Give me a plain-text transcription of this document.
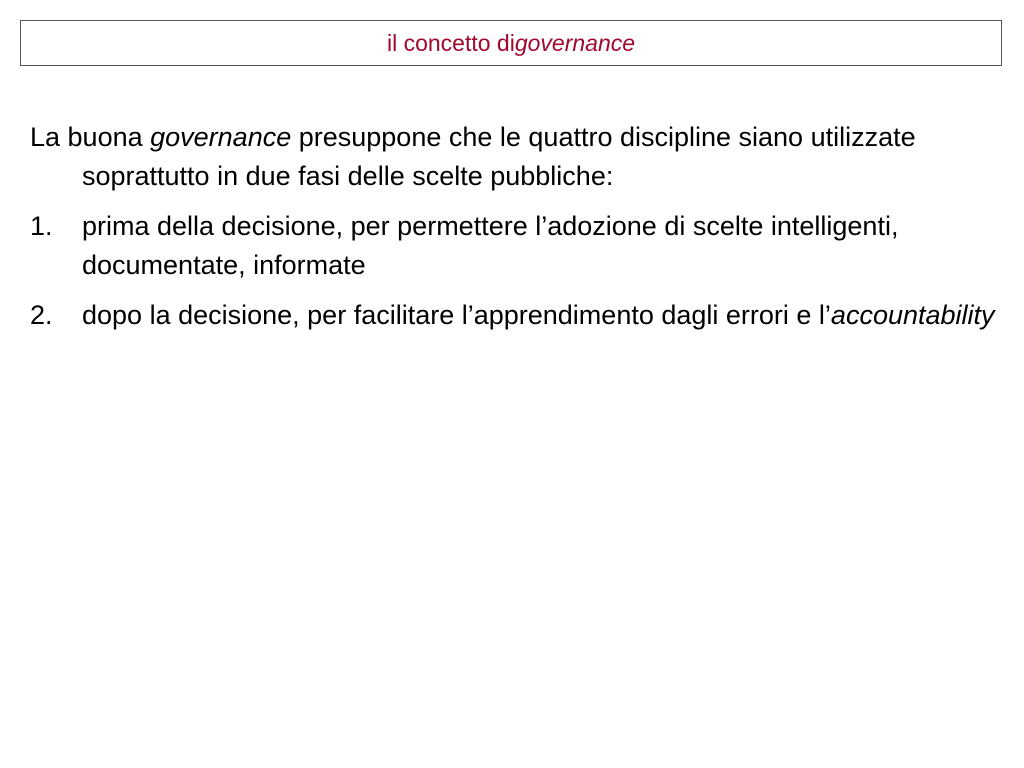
il concetto di governance

La buona governance presuppone che le quattro discipline siano utilizzate soprattutto in due fasi delle scelte pubbliche:

1.	prima della decisione, per permettere l’adozione di scelte intelligenti, documentate, informate
2.	dopo la decisione, per facilitare l’apprendimento dagli errori e l’accountability
